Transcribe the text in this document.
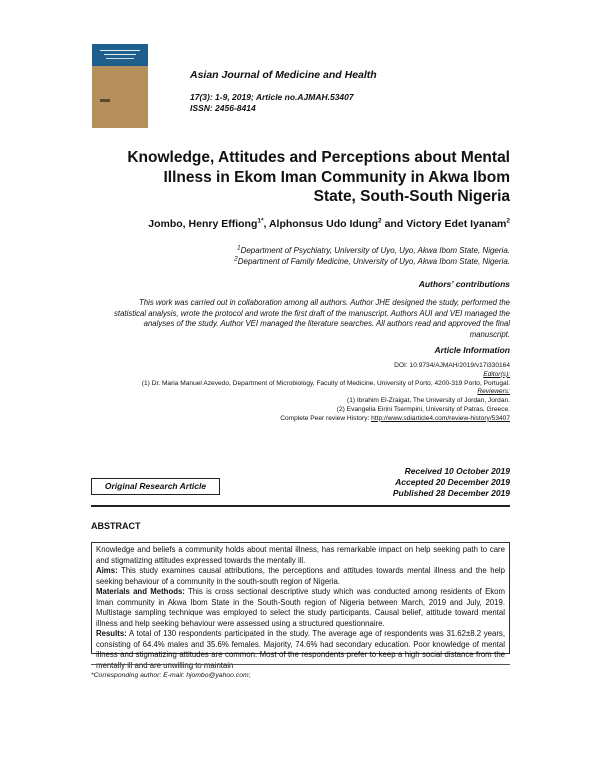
Asian Journal of Medicine and Health
17(3): 1-9, 2019; Article no.AJMAH.53407
ISSN: 2456-8414
Knowledge, Attitudes and Perceptions about Mental
Illness in Ekom Iman Community in Akwa Ibom
State, South-South Nigeria
Jombo, Henry Effiong$^{1*}$, Alphonsus Udo Idung$^2$ and Victory Edet Iyanam$^2$
$^1$Department of Psychiatry, University of Uyo, Uyo, Akwa Ibom State, Nigeria.
$^2$Department of Family Medicine, University of Uyo, Akwa Ibom State, Nigeria.
Authors’ contributions
This work was carried out in collaboration among all authors. Author JHE designed the study, performed the statistical analysis, wrote the protocol and wrote the first draft of the manuscript. Authors AUI and VEI managed the analyses of the study. Author VEI managed the literature searches. All authors read and approved the final manuscript.
Article Information
DOI: 10.9734/AJMAH/2019/v17i330164
Editor(s):
(1) Dr. Maria Manuel Azevedo, Department of Microbiology, Faculty of Medicine, University of Porto, 4200-319 Porto, Portugal.
Reviewers:
(1) Ibrahim El-Zraigat, The University of Jordan, Jordan.
(2) Evangelia Eirini Tsermpini, University of Patras, Greece.
Complete Peer review History: http://www.sdiarticle4.com/review-history/53407
Received 10 October 2019
Accepted 20 December 2019
Published 28 December 2019
Original Research Article
ABSTRACT

Knowledge and beliefs a community holds about mental illness, has remarkable impact on help seeking path to care and stigmatizing attitudes expressed towards the mentally ill.

Aims: This study examines causal attributions, the perceptions and attitudes towards mental illness and the help seeking behaviour of a community in the south-south region of Nigeria.

Materials and Methods: This is cross sectional descriptive study which was conducted among residents of Ekom Iman community in Akwa Ibom State in the South-South region of Nigeria between March, 2019 and July, 2019. Multistage sampling technique was employed to select the study participants. Causal belief, attitude toward mental illness and help seeking behaviour were assessed using a structured questionnaire.

Results: A total of 130 respondents participated in the study. The average age of respondents was 31.62±8.2 years, consisting of 64.4% males and 35.6% females. Majority, 74.6% had secondary education. Poor knowledge of mental illness and stigmatizing attitudes are common. Most of the respondents prefer to keep a high social distance from the mentally ill and are unwilling to maintain

*Corresponding author: E-mail: hjombo@yahoo.com;
